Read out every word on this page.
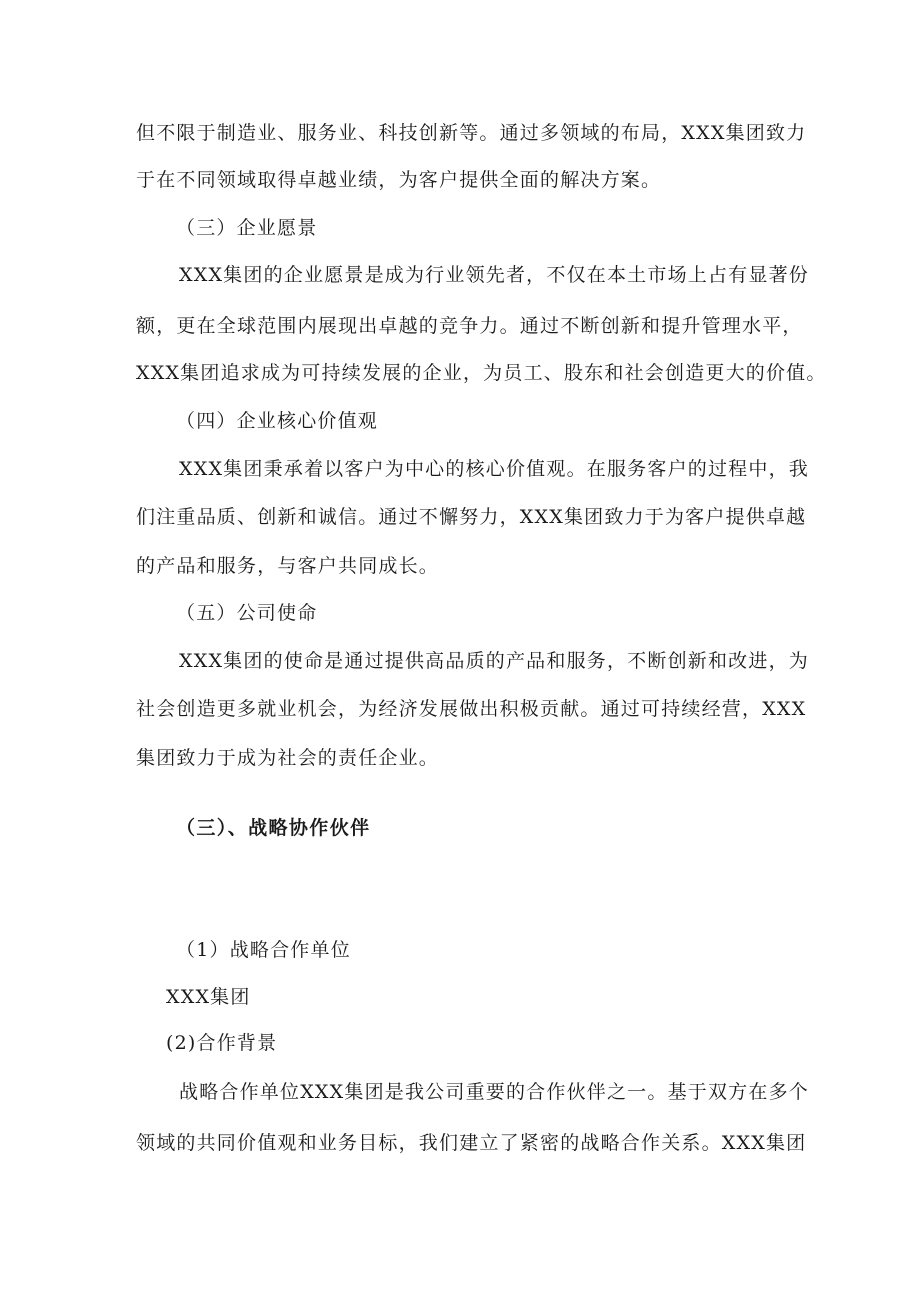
但不限于制造业、服务业、科技创新等。通过多领域的布局，XXX集团致力
于在不同领域取得卓越业绩，为客户提供全面的解决方案。
（三）企业愿景
XXX集团的企业愿景是成为行业领先者，不仅在本土市场上占有显著份
额，更在全球范围内展现出卓越的竞争力。通过不断创新和提升管理水平，
XXX集团追求成为可持续发展的企业，为员工、股东和社会创造更大的价值。
（四）企业核心价值观
XXX集团秉承着以客户为中心的核心价值观。在服务客户的过程中，我
们注重品质、创新和诚信。通过不懈努力，XXX集团致力于为客户提供卓越
的产品和服务，与客户共同成长。
（五）公司使命
XXX集团的使命是通过提供高品质的产品和服务，不断创新和改进，为
社会创造更多就业机会，为经济发展做出积极贡献。通过可持续经营，XXX
集团致力于成为社会的责任企业。
（三）、战略协作伙伴
（1）战略合作单位
XXX集团
(2)合作背景
战略合作单位XXX集团是我公司重要的合作伙伴之一。基于双方在多个
领域的共同价值观和业务目标，我们建立了紧密的战略合作关系。XXX集团
